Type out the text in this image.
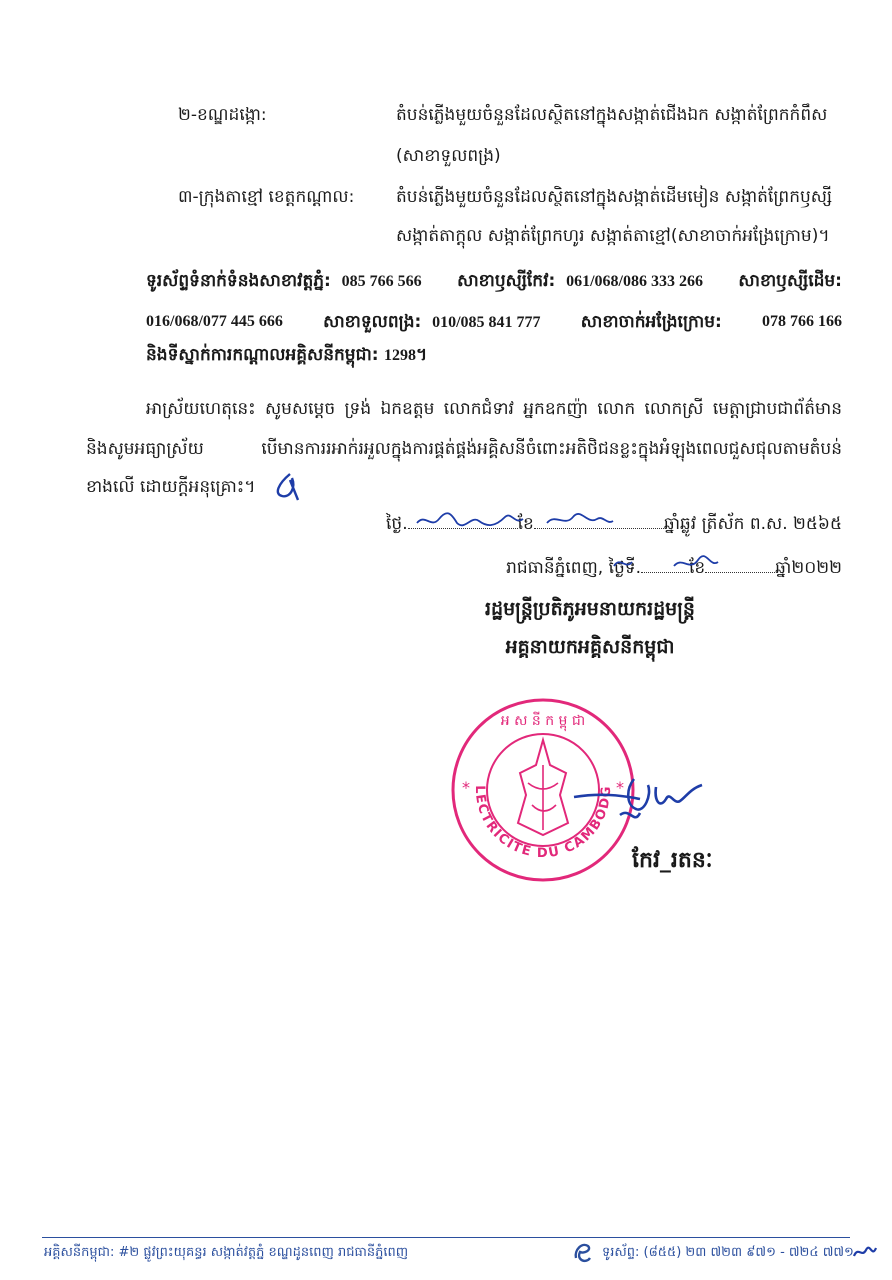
២-ខណ្ឌដង្កោ:	តំបន់ភ្លើងមួយចំនួនដែលស្ថិតនៅក្នុងសង្កាត់ជើងឯក សង្កាត់ព្រែកកំពឹស
(សាខាទួលពង្រ)
៣-ក្រុងតាខ្មៅ ខេត្តកណ្ដាល: តំបន់ភ្លើងមួយចំនួនដែលស្ថិតនៅក្នុងសង្កាត់ដើមមៀន សង្កាត់ព្រែកឫស្សី
សង្កាត់តាក្ដុល សង្កាត់ព្រែកហូរ សង្កាត់តាខ្មៅ(សាខាចាក់អង្រែក្រោម)។
ទូរស័ព្ទទំនាក់ទំនងសាខាវត្តភ្នំ: 085 766 566 សាខាឫស្សីកែវ: 061/068/086 333 266 សាខាឫស្សីដើម:
016/068/077 445 666 សាខាទួលពង្រ: 010/085 841 777 សាខាចាក់អង្រែក្រោម:	078 766 166
និងទីស្នាក់ការកណ្តាលអគ្គិសនីកម្ពុជា: 1298។
អាស្រ័យហេតុនេះ សូមសម្តេច ទ្រង់ ឯកឧត្តម លោកជំទាវ អ្នកឧកញ៉ា លោក លោកស្រី មេត្តាជ្រាបជាព័ត៌មាន
និងសូមអធ្យាស្រ័យ បើមានការរអាក់រអួលក្នុងការផ្គត់ផ្គង់អគ្គិសនីចំពោះអតិថិជនខ្លះក្នុងអំឡុងពេលជួសជុលតាមតំបន់
ខាងលើ ដោយក្តីអនុគ្រោះ។
ថ្ងៃ.	ខែ	ឆ្នាំឆ្លូវ ត្រីស័ក ព.ស. ២៥៦៥
រាជធានីភ្នំពេញ, ថ្ងៃទី.	ខែ	ឆ្នាំ២០២២
រដ្ឋមន្ត្រីប្រតិភូអមនាយករដ្ឋមន្ត្រី
អគ្គនាយកអគ្គិសនីកម្ពុជា
ELECTRICITE DU CAMBODGE
អ ស នី ក ម្ពុ ជា
*	*
កែវ_រតនៈ
អគ្គិសនីកម្ពុជា: #២ ផ្លូវព្រះយុគន្ធរ សង្កាត់វត្តភ្នំ ខណ្ឌដូនពេញ រាជធានីភ្នំពេញ	ទូរស័ព្ទ: (៨៥៥) ២៣ ៧២៣ ៩៧១ - ៧២៤ ៧៧១
